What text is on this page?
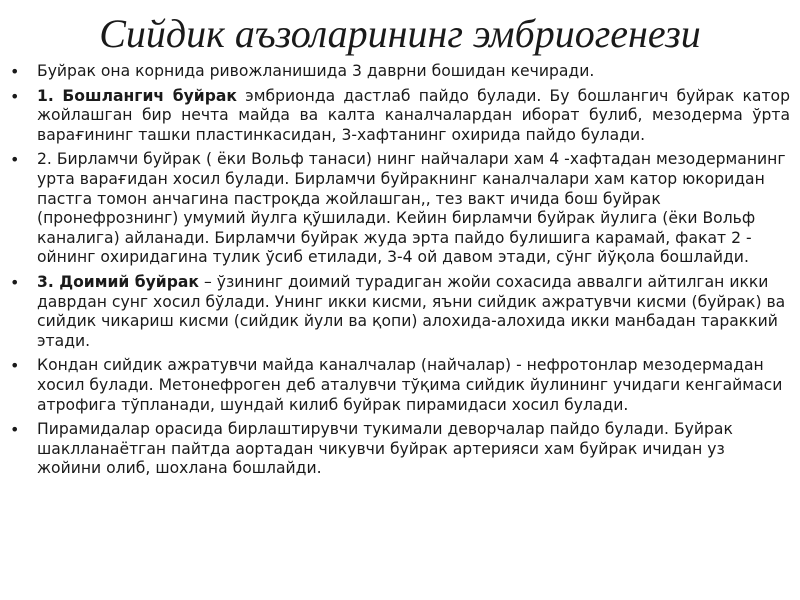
Сийдик аъзоларининг эмбриогенези
• Буйрак она корнида ривожланишида 3 даврни бошидан кечиради.
• 1. Бошлангич буйрак эмбрионда дастлаб пайдо булади. Бу бошлангич буйрак катор жойлашган бир нечта майда ва калта каналчалардан иборат булиб, мезодерма ўрта варағининг ташки пластинкасидан, 3-хафтанинг охирида пайдо булади.
• 2. Бирламчи буйрак ( ёки Вольф танаси) нинг найчалари хам 4 -хафтадан мезодерманинг урта варағидан хосил булади. Бирламчи буйракнинг каналчалари хам катор юкоридан пастга томон анчагина пастроқда жойлашган,, тез вакт ичида бош буйрак (пронефрознинг) умумий йулга қўшилади. Кейин бирламчи буйрак йулига (ёки Вольф каналига) айланади. Бирламчи буйрак жуда эрта пайдо булишига карамай, факат 2 - ойнинг охиридагина тулик ўсиб етилади, 3-4 ой давом этади, сўнг йўқола бошлайди.
• 3. Доимий буйрак – ўзининг доимий турадиган жойи сохасида аввалги айтилган икки даврдан сунг хосил бўлади. Унинг икки кисми, яъни сийдик ажратувчи кисми (буйрак) ва сийдик чикариш кисми (сийдик йули ва қопи) алохида-алохида икки манбадан тараккий этади.
• Кондан сийдик ажратувчи майда каналчалар (найчалар) - нефротонлар мезодермадан хосил булади. Метонефроген деб аталувчи тўқима сийдик йулининг учидаги кенгаймаси атрофига тўпланади, шундай килиб буйрак пирамидаси хосил булади.
• Пирамидалар орасида бирлаштирувчи тукимали деворчалар пайдо булади. Буйрак шаклланаётган пайтда аортадан чикувчи буйрак артерияси хам буйрак ичидан уз жойини олиб, шохлана бошлайди.
